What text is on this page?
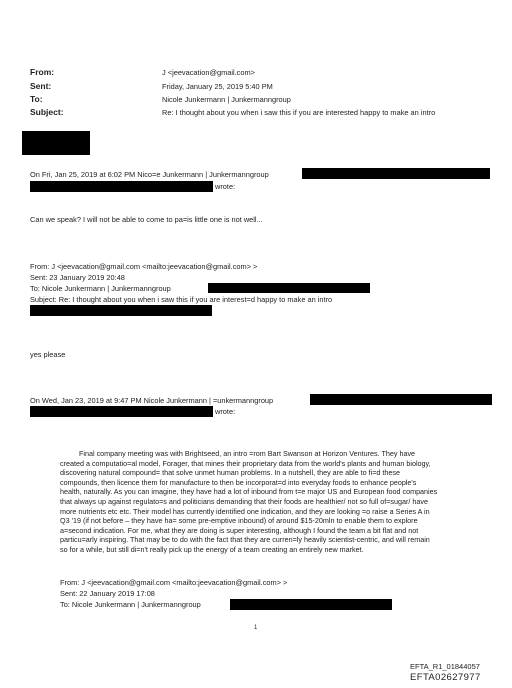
From:	J <jeevacation@gmail.com>
Sent:	Friday, January 25, 2019 5:40 PM
To:	Nicole Junkermann | Junkermanngroup
Subject:	Re: I thought about you when i saw this if you are interested happy to make an intro
On Fri, Jan 25, 2019 at 6:02 PM Nico=e Junkermann | Junkermanngroup
wrote:
Can we speak? I will not be able to come to pa=is little one is not well...
From: J <jeevacation@gmail.com <mailto:jeevacation@gmail.com> >
Sent: 23 January 2019 20:48
To: Nicole Junkermann | Junkermanngroup
Subject: Re: I thought about you when i saw this if you are interest=d happy to make an intro
yes please
On Wed, Jan 23, 2019 at 9:47 PM Nicole Junkermann | =unkermanngroup
wrote:
Final company meeting was with Brightseed, an intro =rom Bart Swanson at Horizon Ventures. They have
created a computatio=al model, Forager, that mines their proprietary data from the world's plants and human biology,
discovering natural compound= that solve unmet human problems. In a nutshell, they are able to fi=d these
compounds, then licence them for manufacture to then be incorporat=d into everyday foods to enhance people's
health, naturally. As you can imagine, they have had a lot of inbound from t=e major US and European food companies
that always up against regulato=s and politicians demanding that their foods are healthier/ not so full of=sugar/ have
more nutrients etc etc. Their model has currently identified one indication, and they are looking =o raise a Series A in
Q3 '19 (if not before – they have ha= some pre-emptive inbound) of around $15-20mln to enable them to explore
a=second indication. For me, what they are doing is super interesting, although I found the team a bit flat and not
particu=arly inspiring. That may be to do with the fact that they are curren=ly heavily scientist-centric, and will remain
so for a while, but still di=n't really pick up the energy of a team creating an entirely new market.
From: J <jeevacation@gmail.com <mailto:jeevacation@gmail.com> >
Sent: 22 January 2019 17:08
To: Nicole Junkermann | Junkermanngroup
1
EFTA_R1_01844057
EFTA02627977
